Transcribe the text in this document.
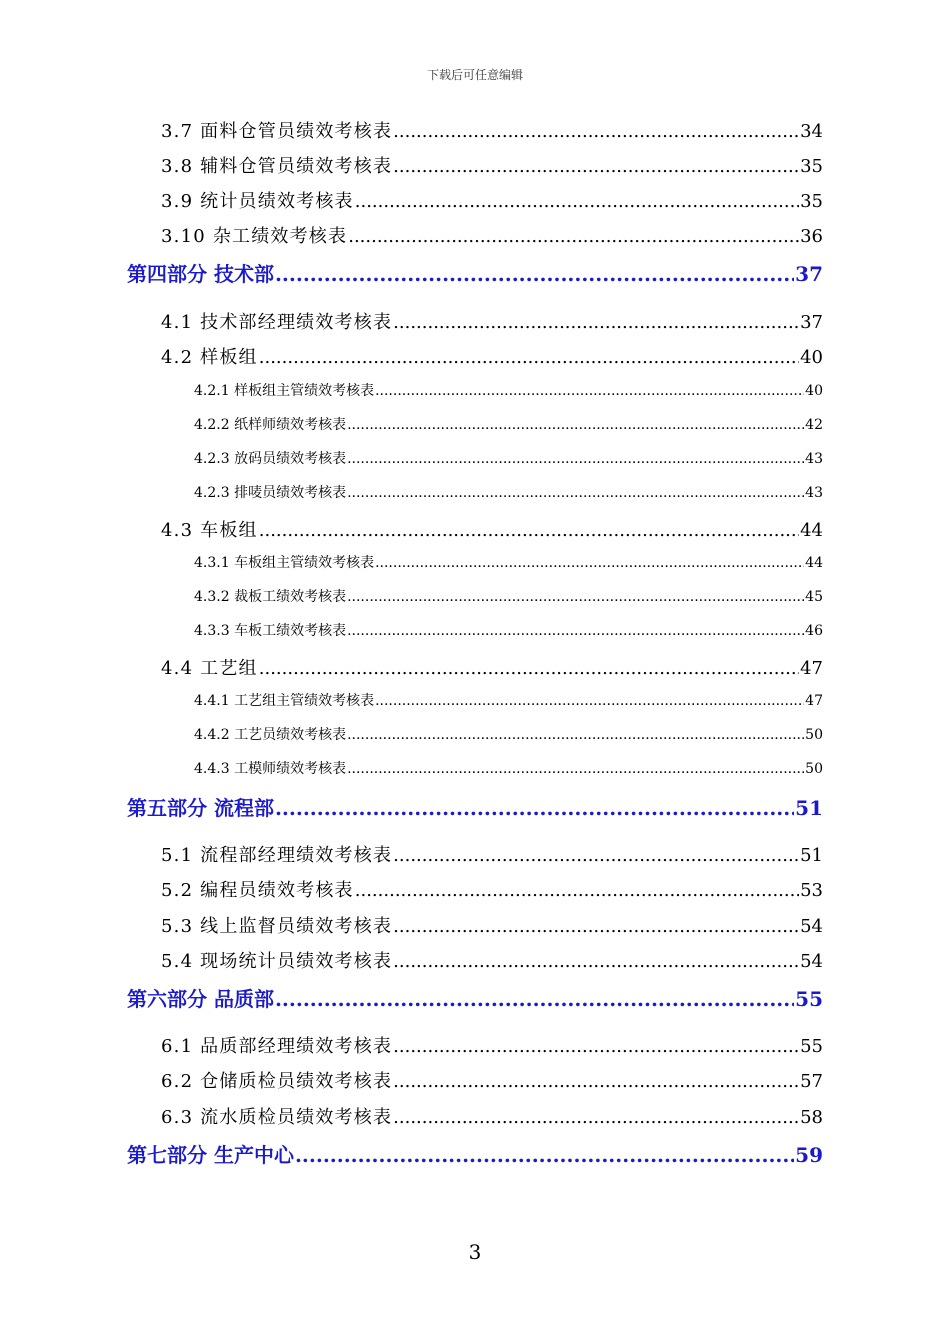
下载后可任意编辑
3.7 面料仓管员绩效考核表 .....	34
3.8 辅料仓管员绩效考核表 .....	35
3.9 统计员绩效考核表 .....	35
3.10 杂工绩效考核表 .....	36
第四部分 技术部 .....	37
4.1 技术部经理绩效考核表 .....	37
4.2 样板组 .....	40
4.2.1 样板组主管绩效考核表 .....	40
4.2.2 纸样师绩效考核表 .....	42
4.2.3 放码员绩效考核表 .....	43
4.2.3 排唛员绩效考核表 .....	43
4.3 车板组 .....	44
4.3.1 车板组主管绩效考核表 .....	44
4.3.2 裁板工绩效考核表 .....	45
4.3.3 车板工绩效考核表 .....	46
4.4 工艺组 .....	47
4.4.1 工艺组主管绩效考核表 .....	47
4.4.2 工艺员绩效考核表 .....	50
4.4.3 工模师绩效考核表 .....	50
第五部分 流程部 .....	51
5.1 流程部经理绩效考核表 .....	51
5.2 编程员绩效考核表 .....	53
5.3 线上监督员绩效考核表 .....	54
5.4 现场统计员绩效考核表 .....	54
第六部分 品质部 .....	55
6.1 品质部经理绩效考核表 .....	55
6.2 仓储质检员绩效考核表 .....	57
6.3 流水质检员绩效考核表 .....	58
第七部分 生产中心 .....	59
3
